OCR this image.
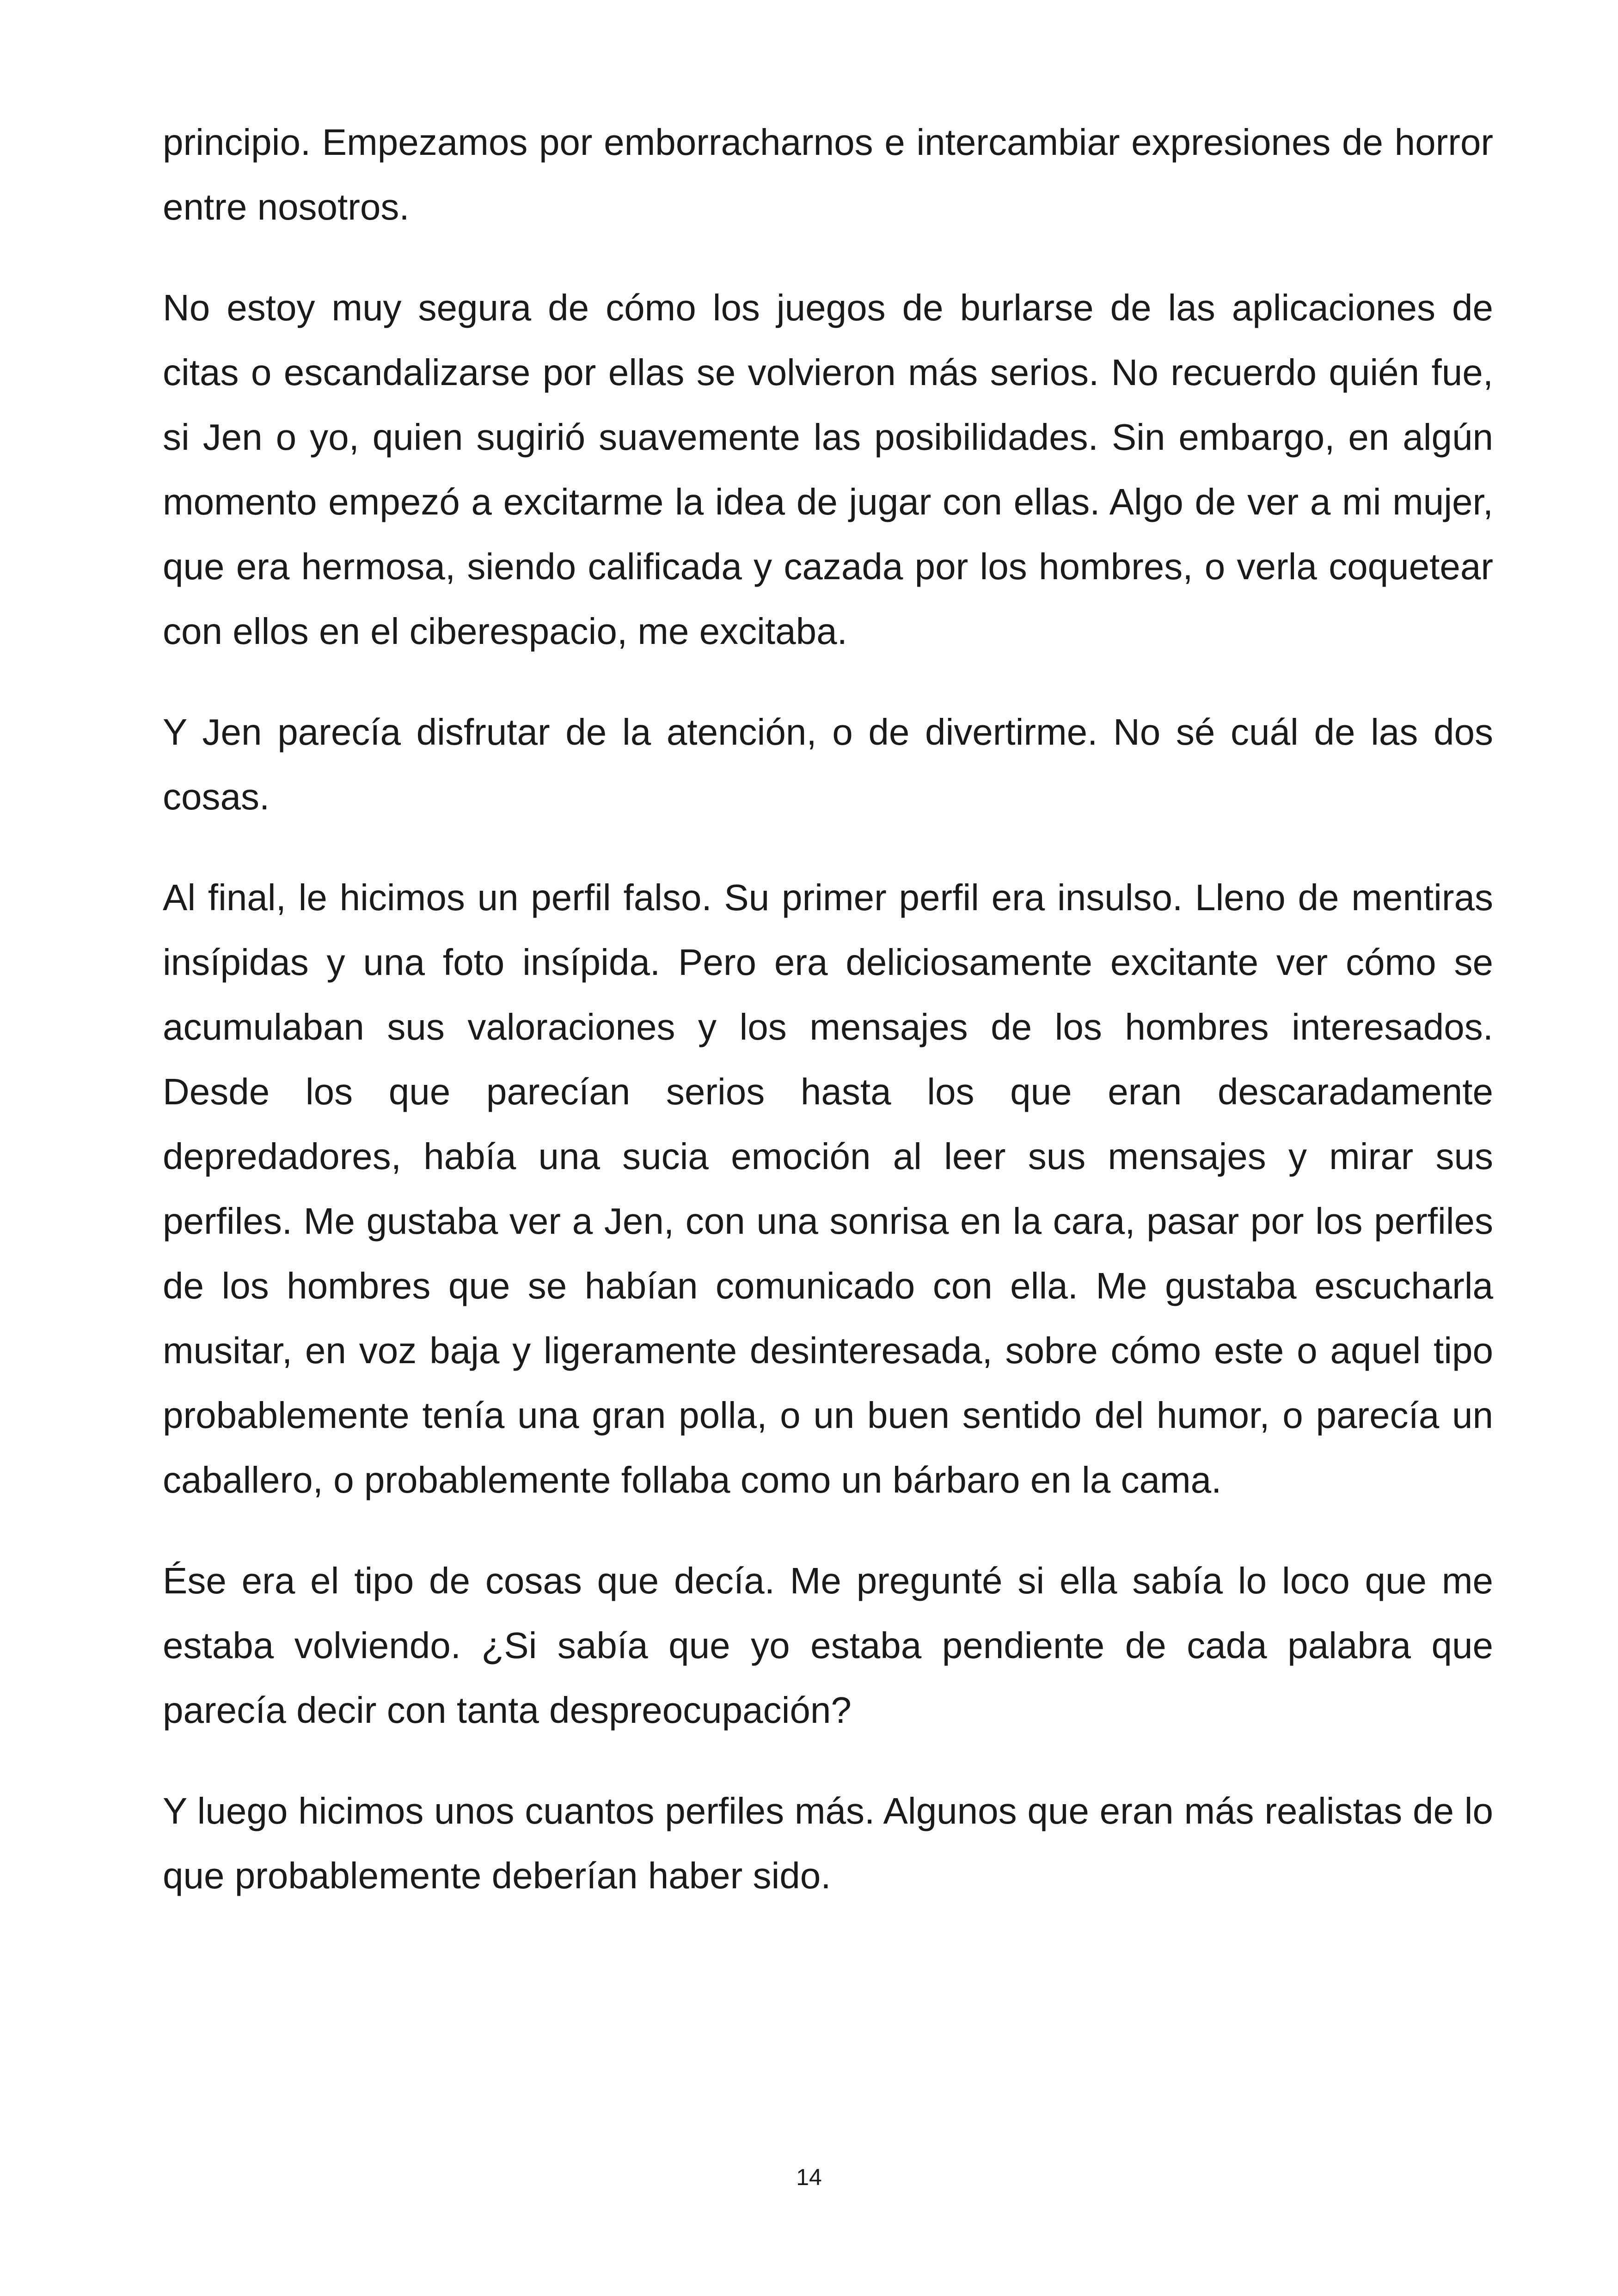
principio. Empezamos por emborracharnos e intercambiar expresiones de horror entre nosotros.

No estoy muy segura de cómo los juegos de burlarse de las aplicaciones de citas o escandalizarse por ellas se volvieron más serios. No recuerdo quién fue, si Jen o yo, quien sugirió suavemente las posibilidades. Sin embargo, en algún momento empezó a excitarme la idea de jugar con ellas. Algo de ver a mi mujer, que era hermosa, siendo calificada y cazada por los hombres, o verla coquetear con ellos en el ciberespacio, me excitaba.

Y Jen parecía disfrutar de la atención, o de divertirme. No sé cuál de las dos cosas.

Al final, le hicimos un perfil falso. Su primer perfil era insulso. Lleno de mentiras insípidas y una foto insípida. Pero era deliciosamente excitante ver cómo se acumulaban sus valoraciones y los mensajes de los hombres interesados. Desde los que parecían serios hasta los que eran descaradamente depredadores, había una sucia emoción al leer sus mensajes y mirar sus perfiles. Me gustaba ver a Jen, con una sonrisa en la cara, pasar por los perfiles de los hombres que se habían comunicado con ella. Me gustaba escucharla musitar, en voz baja y ligeramente desinteresada, sobre cómo este o aquel tipo probablemente tenía una gran polla, o un buen sentido del humor, o parecía un caballero, o probablemente follaba como un bárbaro en la cama.

Ése era el tipo de cosas que decía. Me pregunté si ella sabía lo loco que me estaba volviendo. ¿Si sabía que yo estaba pendiente de cada palabra que parecía decir con tanta despreocupación?

Y luego hicimos unos cuantos perfiles más. Algunos que eran más realistas de lo que probablemente deberían haber sido.

14
